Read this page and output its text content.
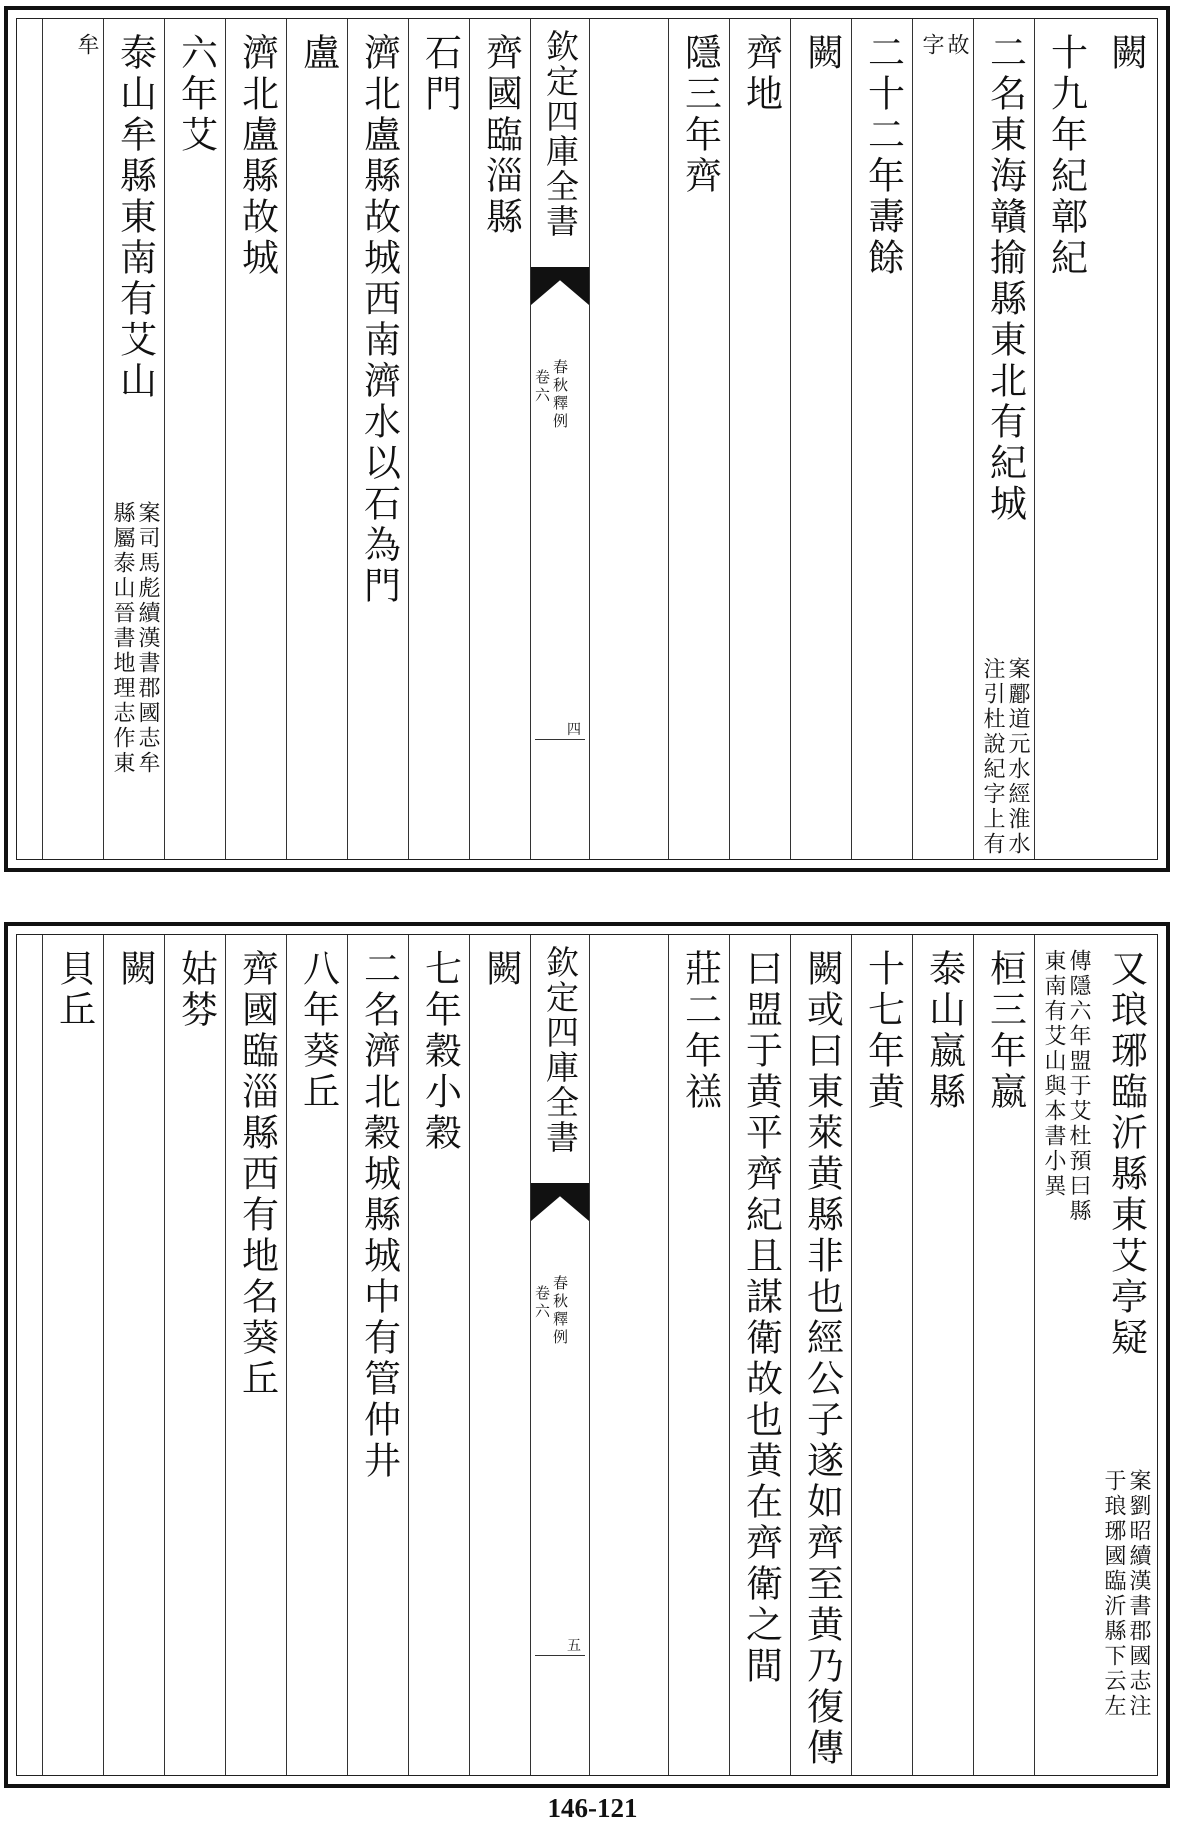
闕
十九年紀鄣紀
二名東海贛揄縣東北有紀城
案酈道元水經淮水
注引杜說紀字上有
故
字
二十二年夀餘
闕
齊地
隱三年齊
欽定四庫全書
春秋釋例
卷六
四
齊國臨淄縣
石門
濟北盧縣故城西南濟水以石為門
盧
濟北盧縣故城
六年艾
泰山牟縣東南有艾山
案司馬彪續漢書郡國志牟
縣屬泰山晉書地理志作東
牟
又琅琊臨沂縣東艾亭疑
案劉昭續漢書郡國志注
于琅琊國臨沂縣下云左
傳隱六年盟于艾杜預曰縣
東南有艾山與本書小異
桓三年嬴
泰山嬴縣
十七年黄
闕或曰東萊黄縣非也經公子遂如齊至黄乃復傳
曰盟于黄平齊紀且謀衛故也黄在齊衛之間
莊二年禚
欽定四庫全書
春秋釋例
卷六
五
闕
七年穀小穀
二名濟北穀城縣城中有管仲井
八年葵丘
齊國臨淄縣西有地名葵丘
姑棼
闕
貝丘
146-121
